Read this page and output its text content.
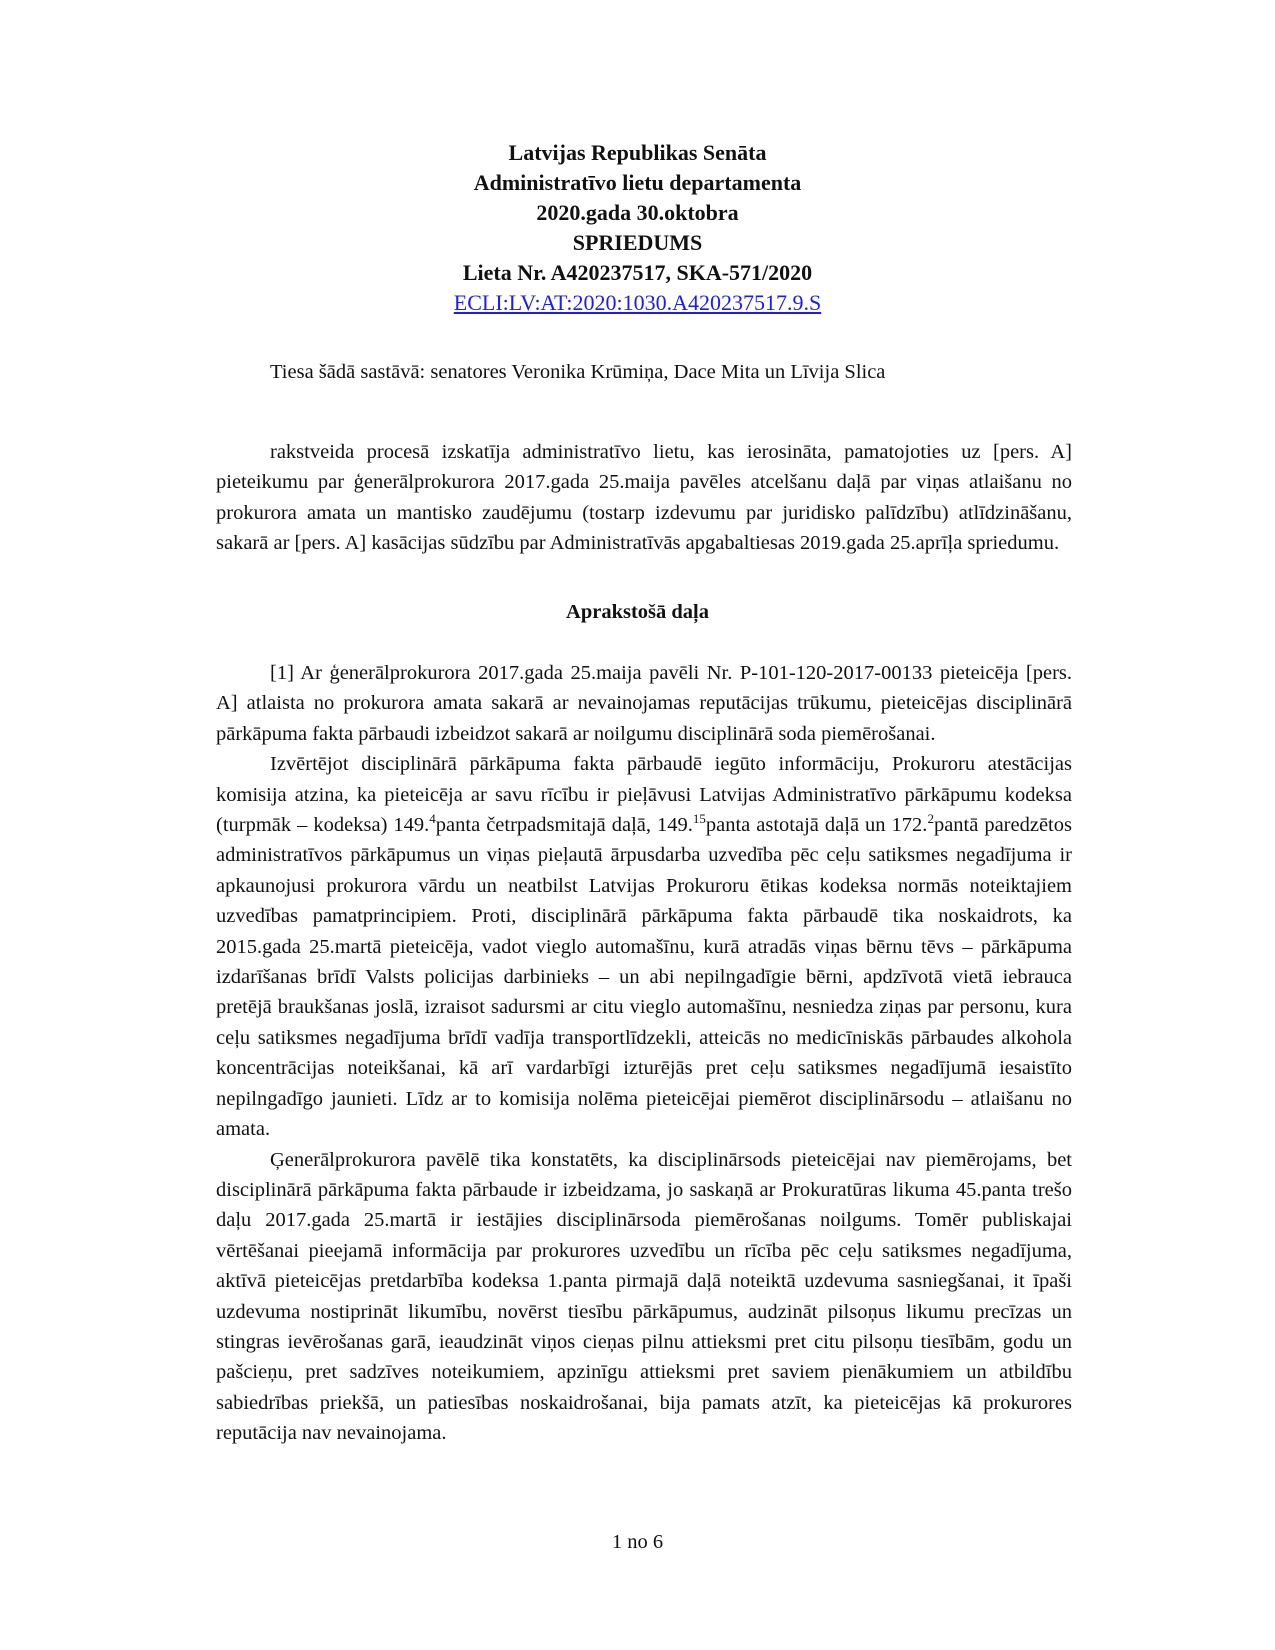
Latvijas Republikas Senāta
Administratīvo lietu departamenta
2020.gada 30.oktobra
SPRIEDUMS
Lieta Nr. A420237517, SKA-571/2020
ECLI:LV:AT:2020:1030.A420237517.9.S
Tiesa šādā sastāvā: senatores Veronika Krūmiņa, Dace Mita un Līvija Slica

rakstveida procesā izskatīja administratīvo lietu, kas ierosināta, pamatojoties uz [pers. A] pieteikumu par ģenerālprokurora 2017.gada 25.maija pavēles atcelšanu daļā par viņas atlaišanu no prokurora amata un mantisko zaudējumu (tostarp izdevumu par juridisko palīdzību) atlīdzināšanu, sakarā ar [pers. A] kasācijas sūdzību par Administratīvās apgabaltiesas 2019.gada 25.aprīļa spriedumu.

Aprakstošā daļa

[1] Ar ģenerālprokurora 2017.gada 25.maija pavēli Nr. P-101-120-2017-00133 pieteicēja [pers. A] atlaista no prokurora amata sakarā ar nevainojamas reputācijas trūkumu, pieteicējas disciplinārā pārkāpuma fakta pārbaudi izbeidzot sakarā ar noilgumu disciplinārā soda piemērošanai.

Izvērtējot disciplinārā pārkāpuma fakta pārbaudē iegūto informāciju, Prokuroru atestācijas komisija atzina, ka pieteicēja ar savu rīcību ir pieļāvusi Latvijas Administratīvo pārkāpumu kodeksa (turpmāk – kodeksa) 149.$^4$panta četrpadsmitajā daļā, 149.15panta astotajā daļā un 172.$^2$pantā paredzētos administratīvos pārkāpumus un viņas pieļautā ārpusdarba uzvedība pēc ceļu satiksmes negadījuma ir apkaunojusi prokurora vārdu un neatbilst Latvijas Prokuroru ētikas kodeksa normās noteiktajiem uzvedības pamatprincipiem. Proti, disciplinārā pārkāpuma fakta pārbaudē tika noskaidrots, ka 2015.gada 25.martā pieteicēja, vadot vieglo automašīnu, kurā atradās viņas bērnu tēvs – pārkāpuma izdarīšanas brīdī Valsts policijas darbinieks – un abi nepilngadīgie bērni, apdzīvotā vietā iebrauca pretējā braukšanas joslā, izraisot sadursmi ar citu vieglo automašīnu, nesniedza ziņas par personu, kura ceļu satiksmes negadījuma brīdī vadīja transportlīdzekli, atteicās no medicīniskās pārbaudes alkohola koncentrācijas noteikšanai, kā arī vardarbīgi izturējās pret ceļu satiksmes negadījumā iesaistīto nepilngadīgo jaunieti. Līdz ar to komisija nolēma pieteicējai piemērot disciplinārsodu – atlaišanu no amata.

Ģenerālprokurora pavēlē tika konstatēts, ka disciplinārsods pieteicējai nav piemērojams, bet disciplinārā pārkāpuma fakta pārbaude ir izbeidzama, jo saskaņā ar Prokuratūras likuma 45.panta trešo daļu 2017.gada 25.martā ir iestājies disciplinārsoda piemērošanas noilgums. Tomēr publiskajai vērtēšanai pieejamā informācija par prokurores uzvedību un rīcība pēc ceļu satiksmes negadījuma, aktīvā pieteicējas pretdarbība kodeksa 1.panta pirmajā daļā noteiktā uzdevuma sasniegšanai, it īpaši uzdevuma nostiprināt likumību, novērst tiesību pārkāpumus, audzināt pilsoņus likumu precīzas un stingras ievērošanas garā, ieaudzināt viņos cieņas pilnu attieksmi pret citu pilsoņu tiesībām, godu un pašcieņu, pret sadzīves noteikumiem, apzinīgu attieksmi pret saviem pienākumiem un atbildību sabiedrības priekšā, un patiesības noskaidrošanai, bija pamats atzīt, ka pieteicējas kā prokurores reputācija nav nevainojama.

1 no 6
